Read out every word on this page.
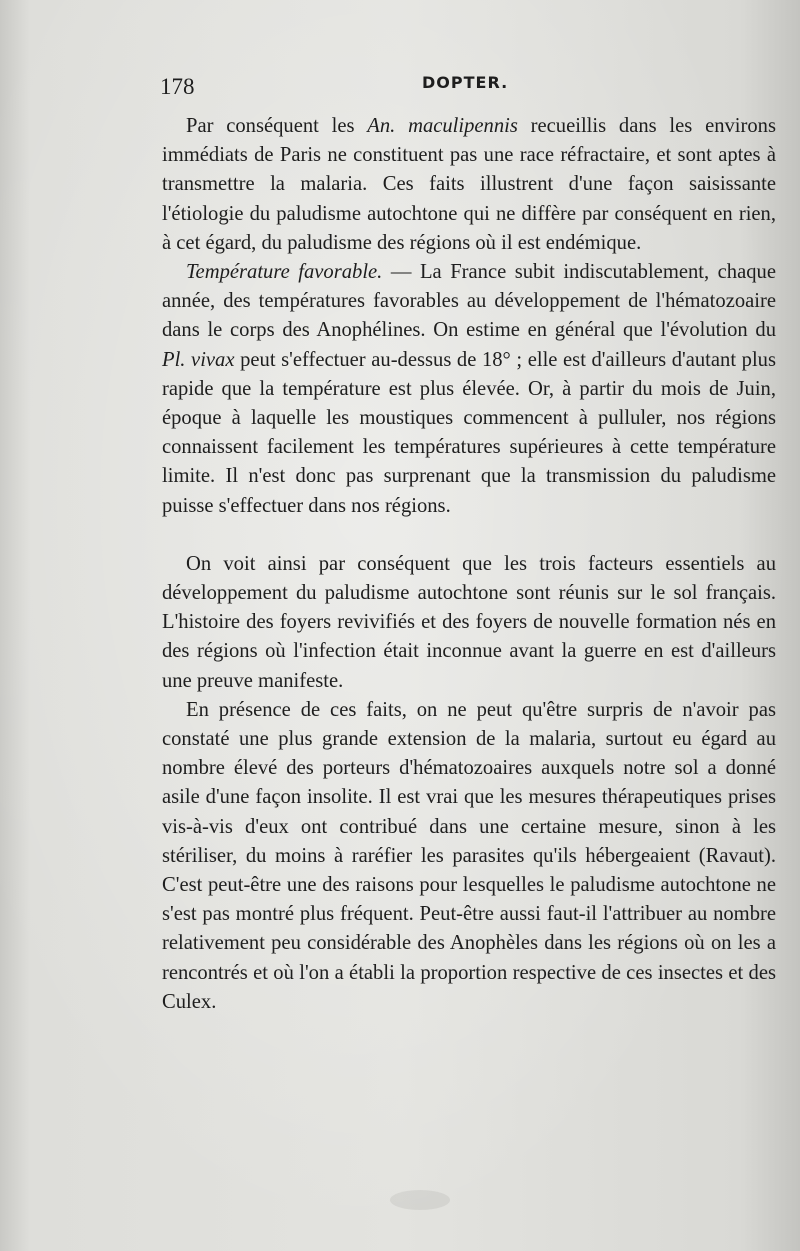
178	DOPTER.

Par conséquent les An. maculipennis recueillis dans les environs immédiats de Paris ne constituent pas une race réfractaire, et sont aptes à transmettre la malaria. Ces faits illustrent d'une façon saisissante l'étiologie du paludisme autochtone qui ne diffère par conséquent en rien, à cet égard, du paludisme des régions où il est endémique.

Température favorable. — La France subit indiscutablement, chaque année, des températures favorables au développement de l'hématozoaire dans le corps des Anophélines. On estime en général que l'évolution du Pl. vivax peut s'effectuer au-dessus de 18° ; elle est d'ailleurs d'autant plus rapide que la température est plus élevée. Or, à partir du mois de Juin, époque à laquelle les moustiques commencent à pulluler, nos régions connaissent facilement les températures supérieures à cette température limite. Il n'est donc pas surprenant que la transmission du paludisme puisse s'effectuer dans nos régions.

On voit ainsi par conséquent que les trois facteurs essentiels au développement du paludisme autochtone sont réunis sur le sol français. L'histoire des foyers revivifiés et des foyers de nouvelle formation nés en des régions où l'infection était inconnue avant la guerre en est d'ailleurs une preuve manifeste.

En présence de ces faits, on ne peut qu'être surpris de n'avoir pas constaté une plus grande extension de la malaria, surtout eu égard au nombre élevé des porteurs d'hématozoaires auxquels notre sol a donné asile d'une façon insolite. Il est vrai que les mesures thérapeutiques prises vis-à-vis d'eux ont contribué dans une certaine mesure, sinon à les stériliser, du moins à raréfier les parasites qu'ils hébergeaient (Ravaut). C'est peut-être une des raisons pour lesquelles le paludisme autochtone ne s'est pas montré plus fréquent. Peut-être aussi faut-il l'attribuer au nombre relativement peu considérable des Anophèles dans les régions où on les a rencontrés et où l'on a établi la proportion respective de ces insectes et des Culex.
